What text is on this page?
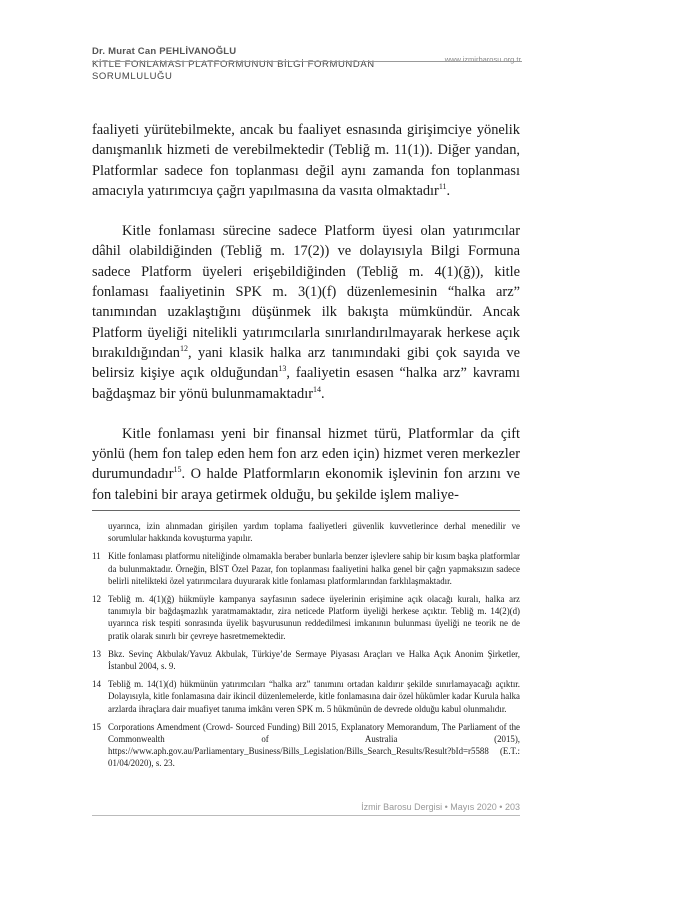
Dr. Murat Can PEHLİVANOĞLU
KİTLE FONLAMASI PLATFORMUNUN BİLGİ FORMUNDAN SORUMLULUĞU
www.izmirbarosu.org.tr

faaliyeti yürütebilmekte, ancak bu faaliyet esnasında girişimciye yönelik danışmanlık hizmeti de verebilmektedir (Tebliğ m. 11(1)). Diğer yandan, Platformlar sadece fon toplanması değil aynı zamanda fon toplanması amacıyla yatırımcıya çağrı yapılmasına da vasıta olmaktadır$^{11}$.

Kitle fonlaması sürecine sadece Platform üyesi olan yatırımcılar dâhil olabildiğinden (Tebliğ m. 17(2)) ve dolayısıyla Bilgi Formuna sadece Platform üyeleri erişebildiğinden (Tebliğ m. 4(1)(ğ)), kitle fonlaması faaliyetinin SPK m. 3(1)(f) düzenlemesinin “halka arz” tanımından uzaklaştığını düşünmek ilk bakışta mümkündür. Ancak Platform üyeliği nitelikli yatırımcılarla sınırlandırılmayarak herkese açık bırakıldığından$^{12}$, yani klasik halka arz tanımındaki gibi çok sayıda ve belirsiz kişiye açık olduğundan$^{13}$, faaliyetin esasen “halka arz” kavramı bağdaşmaz bir yönü bulunmamaktadır$^{14}$.

Kitle fonlaması yeni bir finansal hizmet türü, Platformlar da çift yönlü (hem fon talep eden hem fon arz eden için) hizmet veren merkezler durumundadır$^{15}$. O halde Platformların ekonomik işlevinin fon arzını ve fon talebini bir araya getirmek olduğu, bu şekilde işlem maliye-

uyarınca, izin alınmadan girişilen yardım toplama faaliyetleri güvenlik kuvvetlerince derhal menedilir ve sorumlular hakkında kovuşturma yapılır.
11 Kitle fonlaması platformu niteliğinde olmamakla beraber bunlarla benzer işlevlere sahip bir kısım başka platformlar da bulunmaktadır. Örneğin, BİST Özel Pazar, fon toplanması faaliyetini halka genel bir çağrı yapmaksızın sadece belirli nitelikteki özel yatırımcılara duyurarak kitle fonlaması platformlarından farklılaşmaktadır.
12 Tebliğ m. 4(1)(ğ) hükmüyle kampanya sayfasının sadece üyelerinin erişimine açık olacağı kuralı, halka arz tanımıyla bir bağdaşmazlık yaratmamaktadır, zira neticede Platform üyeliği herkese açıktır. Tebliğ m. 14(2)(d) uyarınca risk tespiti sonrasında üyelik başvurusunun reddedilmesi imkanının bulunması üyeliği ne teorik ne de pratik olarak sınırlı bir çevreye hasretmemektedir.
13 Bkz. Sevinç Akbulak/Yavuz Akbulak, Türkiye’de Sermaye Piyasası Araçları ve Halka Açık Anonim Şirketler, İstanbul 2004, s. 9.
14 Tebliğ m. 14(1)(d) hükmünün yatırımcıları “halka arz” tanımını ortadan kaldırır şekilde sınırlamayacağı açıktır. Dolayısıyla, kitle fonlamasına dair ikincil düzenlemelerde, kitle fonlamasına dair özel hükümler kadar Kurula halka arzlarda ihraçlara dair muafiyet tanıma imkânı veren SPK m. 5 hükmünün de devrede olduğu kabul olunmalıdır.
15 Corporations Amendment (Crowd- Sourced Funding) Bill 2015, Explanatory Memorandum, The Parliament of the Commonwealth of Australia (2015), https://www.aph.gov.au/Parliamentary_Business/Bills_Legislation/Bills_Search_Results/Result?bId=r5588 (E.T.: 01/04/2020), s. 23.
İzmir Barosu Dergisi • Mayıs 2020 • 203
